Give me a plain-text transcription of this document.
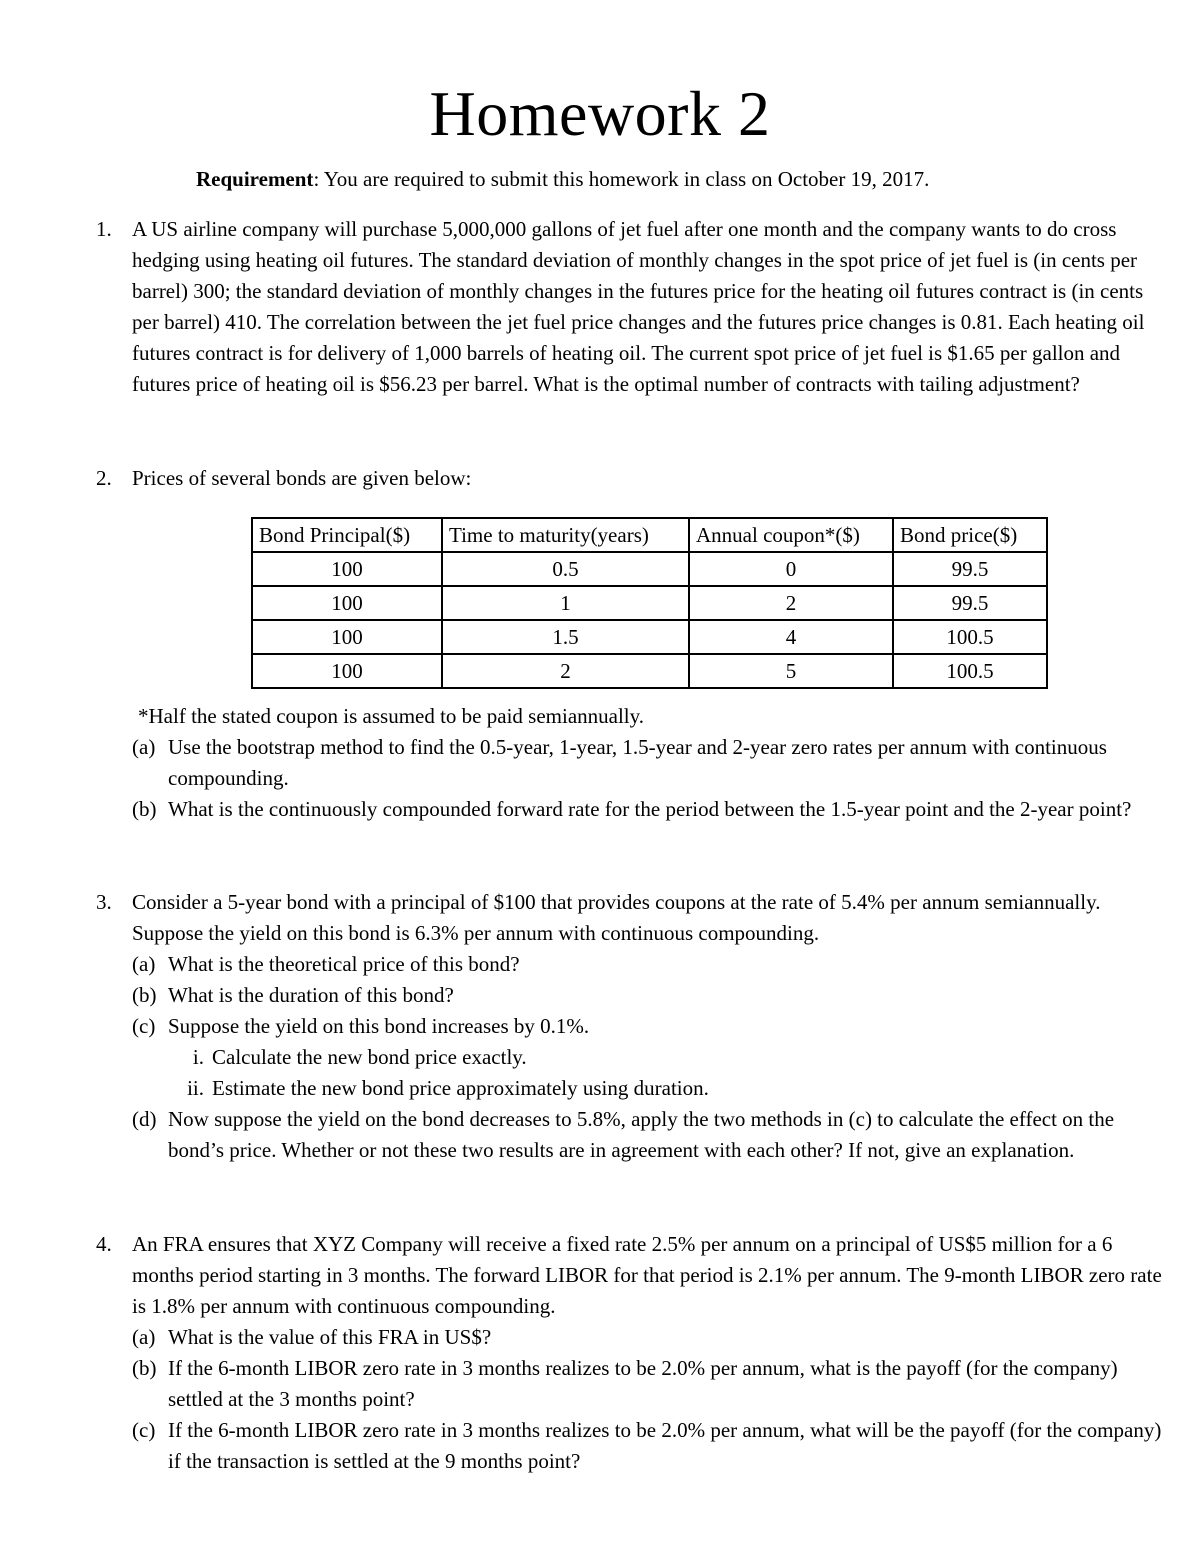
Homework 2
Requirement: You are required to submit this homework in class on October 19, 2017.
1. A US airline company will purchase 5,000,000 gallons of jet fuel after one month and the company wants to do cross hedging using heating oil futures. The standard deviation of monthly changes in the spot price of jet fuel is (in cents per barrel) 300; the standard deviation of monthly changes in the futures price for the heating oil futures contract is (in cents per barrel) 410. The correlation between the jet fuel price changes and the futures price changes is 0.81. Each heating oil futures contract is for delivery of 1,000 barrels of heating oil. The current spot price of jet fuel is $1.65 per gallon and futures price of heating oil is $56.23 per barrel. What is the optimal number of contracts with tailing adjustment?

2. Prices of several bonds are given below:

Bond Principal($)	Time to maturity(years)	Annual coupon*($)	Bond price($)
100	0.5	0	99.5
100	1	2	99.5
100	1.5	4	100.5
100	2	5	100.5
*Half the stated coupon is assumed to be paid semiannually.
(a) Use the bootstrap method to find the 0.5-year, 1-year, 1.5-year and 2-year zero rates per annum with continuous compounding.
(b) What is the continuously compounded forward rate for the period between the 1.5-year point and the 2-year point?
3. Consider a 5-year bond with a principal of $100 that provides coupons at the rate of 5.4% per annum semiannually. Suppose the yield on this bond is 6.3% per annum with continuous compounding.

(a) What is the theoretical price of this bond?
(b) What is the duration of this bond?
(c) Suppose the yield on this bond increases by 0.1%.
i. Calculate the new bond price exactly.
ii. Estimate the new bond price approximately using duration.
(d) Now suppose the yield on the bond decreases to 5.8%, apply the two methods in (c) to calculate the effect on the bond’s price. Whether or not these two results are in agreement with each other? If not, give an explanation.
4. An FRA ensures that XYZ Company will receive a fixed rate 2.5% per annum on a principal of US$5 million for a 6 months period starting in 3 months. The forward LIBOR for that period is 2.1% per annum. The 9-month LIBOR zero rate is 1.8% per annum with continuous compounding.

(a) What is the value of this FRA in US$?
(b) If the 6-month LIBOR zero rate in 3 months realizes to be 2.0% per annum, what is the payoff (for the company) settled at the 3 months point?
(c) If the 6-month LIBOR zero rate in 3 months realizes to be 2.0% per annum, what will be the payoff (for the company) if the transaction is settled at the 9 months point?
